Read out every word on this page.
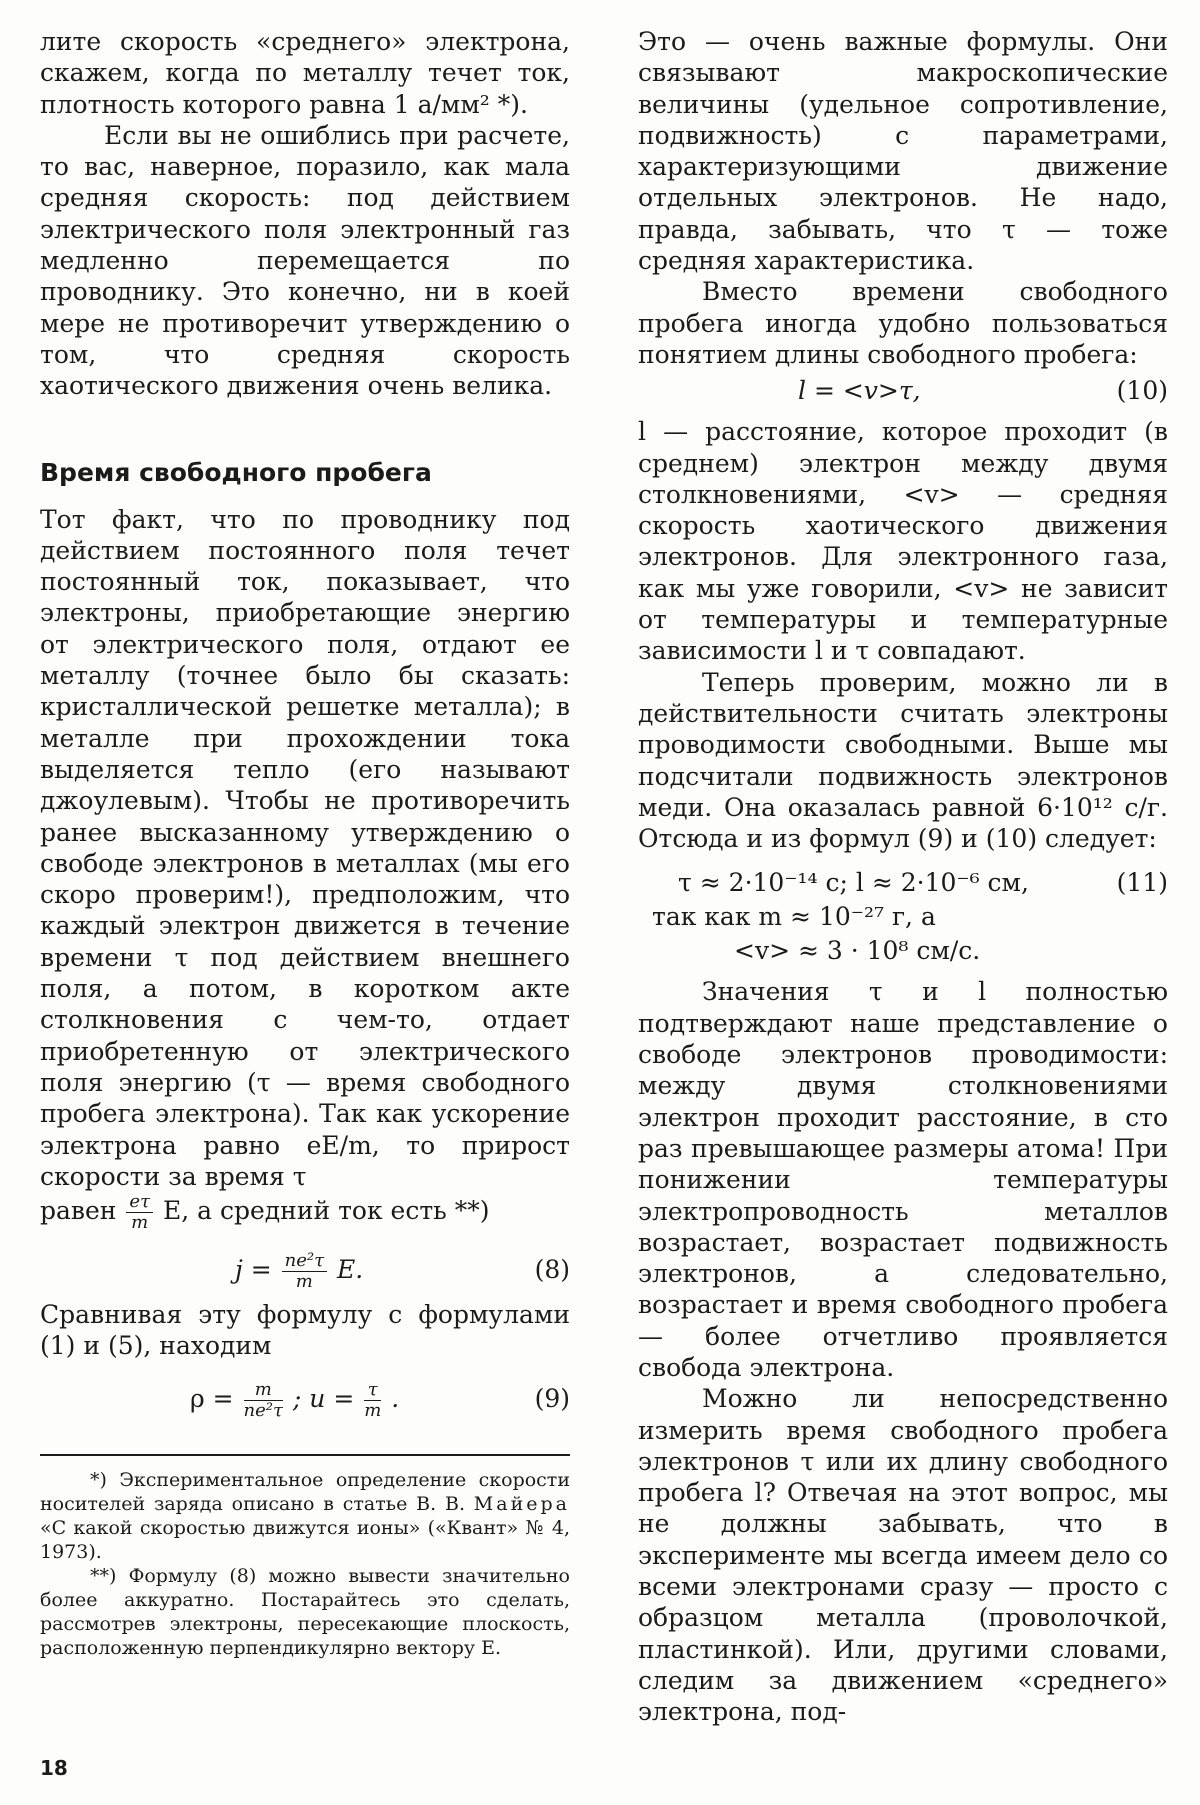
лите скорость «среднего» электрона, скажем, когда по металлу течет ток, плотность которого равна 1 а/мм² *).

Если вы не ошиблись при расчете, то вас, наверное, поразило, как мала средняя скорость: под действием электрического поля электронный газ медленно перемещается по проводнику. Это конечно, ни в коей мере не противоречит утверждению о том, что средняя скорость хаотического движения очень велика.

Время свободного пробега

Тот факт, что по проводнику под действием постоянного поля течет постоянный ток, показывает, что электроны, приобретающие энергию от электрического поля, отдают ее металлу (точнее было бы сказать: кристаллической решетке металла); в металле при прохождении тока выделяется тепло (его называют джоулевым). Чтобы не противоречить ранее высказанному утверждению о свободе электронов в металлах (мы его скоро проверим!), предположим, что каждый электрон движется в течение времени τ под действием внешнего поля, а потом, в коротком акте столкновения с чем-то, отдает приобретенную от электрического поля энергию (τ — время свободного пробега электрона). Так как ускорение электрона равно eE/m, то прирост скорости за время τ

равен $\frac{e\tau}{m} E$, а средний ток есть **)

$j = \frac{\text{ne²τ}}{m} E$.	(8)

Сравнивая эту формулу с формулами (1) и (5), находим

$\rho = \frac{m}{\text{ne²τ}}$ ; $u = \frac{\tau}{m}$ .	(9)

*) Экспериментальное определение скорости носителей заряда описано в статье В. В. Майера «С какой скоростью движутся ионы» («Квант» № 4, 1973).

**) Формулу (8) можно вывести значительно более аккуратно. Постарайтесь это сделать, рассмотрев электроны, пересекающие плоскость, расположенную перпендикулярно вектору E.

Это — очень важные формулы. Они связывают макроскопические величины (удельное сопротивление, подвижность) с параметрами, характеризующими движение отдельных электронов. Не надо, правда, забывать, что τ — тоже средняя характеристика.

Вместо времени свободного пробега иногда удобно пользоваться понятием длины свободного пробега:

l = <v>τ,	(10)

l — расстояние, которое проходит (в среднем) электрон между двумя столкновениями, <v> — средняя скорость хаотического движения электронов. Для электронного газа, как мы уже говорили, <v> не зависит от температуры и температурные зависимости l и τ совпадают.

Теперь проверим, можно ли в действительности считать электроны проводимости свободными. Выше мы подсчитали подвижность электронов меди. Она оказалась равной 6·10¹² с/г. Отсюда и из формул (9) и (10) следует:

τ ≈ 2·10⁻¹⁴ с; l ≈ 2·10⁻⁶ см,	(11)
так как m ≈ 10⁻²⁷ г, а
<v> ≈ 3 · 10⁸ см/с.

Значения τ и l полностью подтверждают наше представление о свободе электронов проводимости: между двумя столкновениями электрон проходит расстояние, в сто раз превышающее размеры атома! При понижении температуры электропроводность металлов возрастает, возрастает подвижность электронов, а следовательно, возрастает и время свободного пробега — более отчетливо проявляется свобода электрона.

Можно ли непосредственно измерить время свободного пробега электронов τ или их длину свободного пробега l? Отвечая на этот вопрос, мы не должны забывать, что в эксперименте мы всегда имеем дело со всеми электронами сразу — просто с образцом металла (проволочкой, пластинкой). Или, другими словами, следим за движением «среднего» электрона, под-

18
